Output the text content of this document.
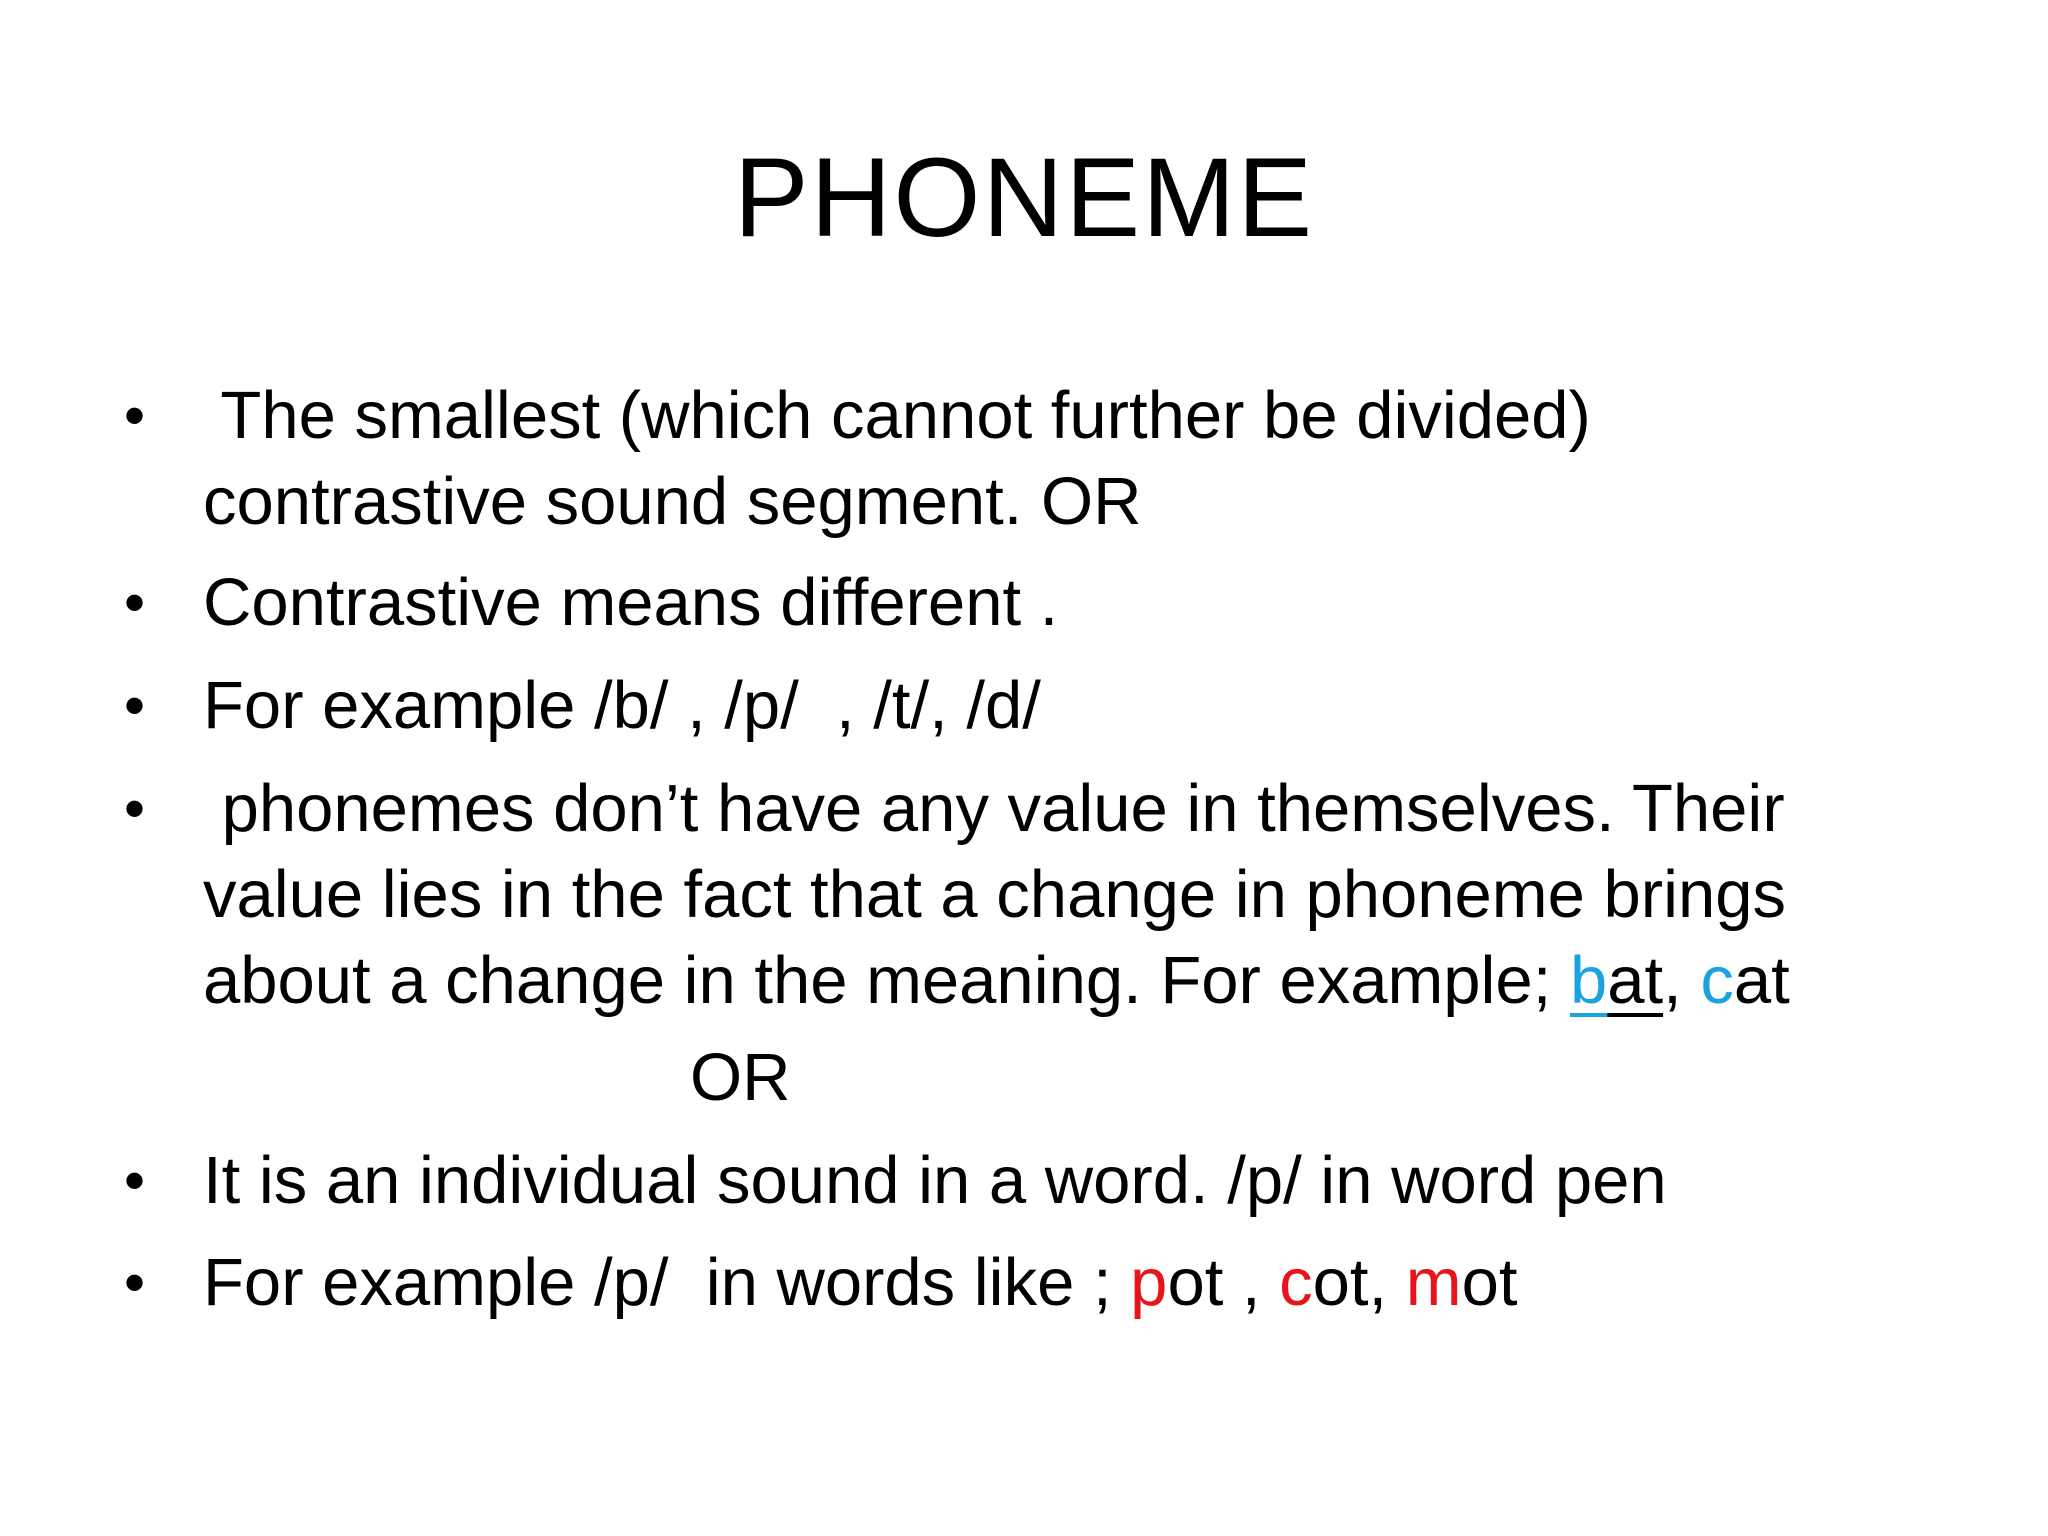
PHONEME
• The smallest (which cannot further be divided)
contrastive sound segment. OR
• Contrastive means different .
• For example /b/ , /p/  , /t/, /d/
• phonemes don’t have any value in themselves. Their
value lies in the fact that a change in phoneme brings
about a change in the meaning. For example; bat, cat
OR
• It is an individual sound in a word. /p/ in word pen
• For example /p/  in words like ; pot , cot, mot
